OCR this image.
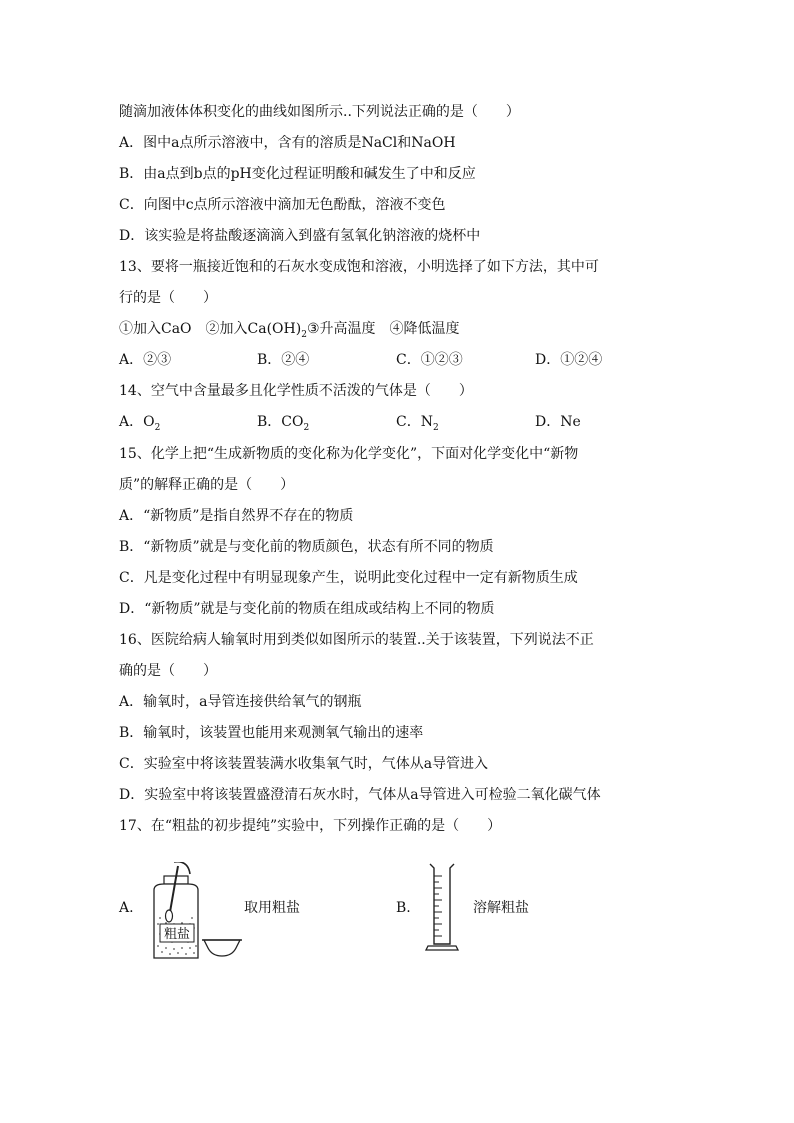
随滴加液体体积变化的曲线如图所示..下列说法正确的是（　　）
A．图中a点所示溶液中，含有的溶质是NaCl和NaOH
B．由a点到b点的pH变化过程证明酸和碱发生了中和反应
C．向图中c点所示溶液中滴加无色酚酞，溶液不变色
D．该实验是将盐酸逐滴滴入到盛有氢氧化钠溶液的烧杯中
13、要将一瓶接近饱和的石灰水变成饱和溶液，小明选择了如下方法，其中可
行的是（　　）
①加入CaO　②加入$Ca(OH)_2③$升高温度　④降低温度
A．②③	B．②④	C．①②③	D．①②④
14、空气中含量最多且化学性质不活泼的气体是（　　）
A．$O_2$	B．$CO_2$	C．$N_2$	D．Ne
15、化学上把“生成新物质的变化称为化学变化”，下面对化学变化中“新物
质”的解释正确的是（　　）
A．“新物质”是指自然界不存在的物质
B．“新物质”就是与变化前的物质颜色，状态有所不同的物质
C．凡是变化过程中有明显现象产生，说明此变化过程中一定有新物质生成
D．“新物质”就是与变化前的物质在组成或结构上不同的物质
16、医院给病人输氧时用到类似如图所示的装置..关于该装置，下列说法不正
确的是（　　）
A．输氧时，a导管连接供给氧气的钢瓶
B．输氧时，该装置也能用来观测氧气输出的速率
C．实验室中将该装置装满水收集氧气时，气体从a导管进入
D．实验室中将该装置盛澄清石灰水时，气体从a导管进入可检验二氧化碳气体
17、在“粗盐的初步提纯”实验中，下列操作正确的是（　　）
A.
粗盐
取用粗盐	B.	溶解粗盐
